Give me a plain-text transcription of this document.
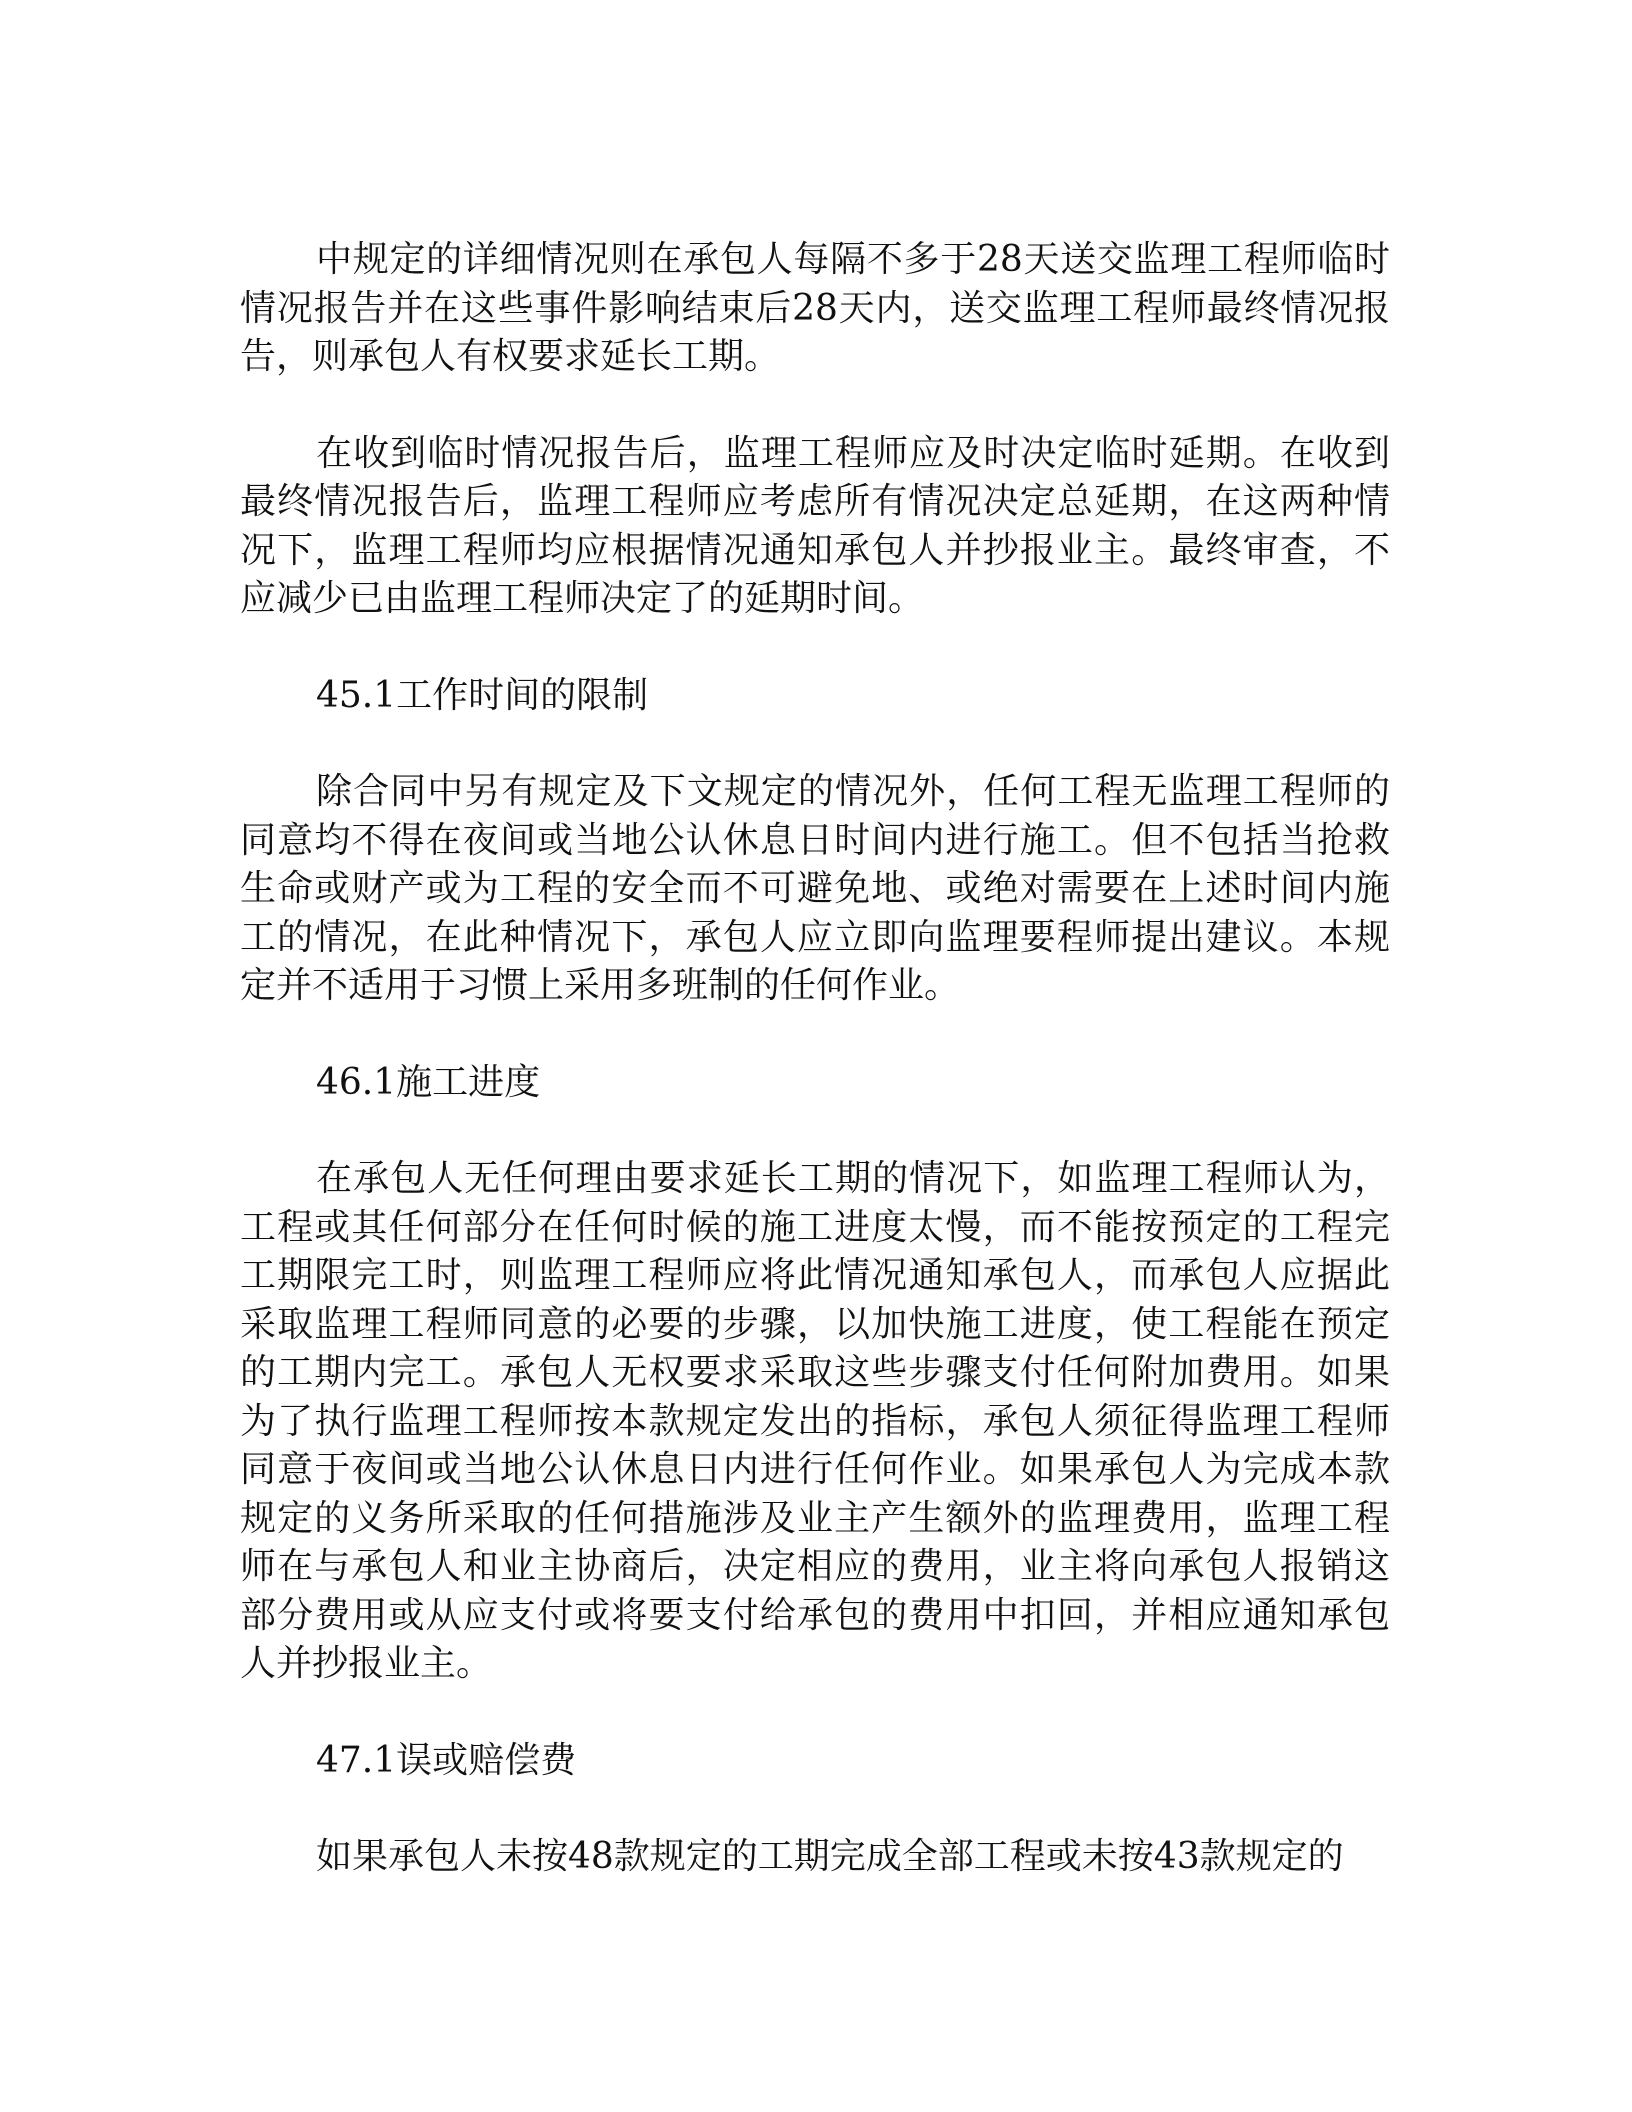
中规定的详细情况则在承包人每隔不多于28天送交监理工程师临时情况报告并在这些事件影响结束后28天内，送交监理工程师最终情况报告，则承包人有权要求延长工期。

在收到临时情况报告后，监理工程师应及时决定临时延期。在收到最终情况报告后，监理工程师应考虑所有情况决定总延期，在这两种情况下，监理工程师均应根据情况通知承包人并抄报业主。最终审查，不应减少已由监理工程师决定了的延期时间。

45.1工作时间的限制

除合同中另有规定及下文规定的情况外，任何工程无监理工程师的同意均不得在夜间或当地公认休息日时间内进行施工。但不包括当抢救生命或财产或为工程的安全而不可避免地、或绝对需要在上述时间内施工的情况，在此种情况下，承包人应立即向监理要程师提出建议。本规定并不适用于习惯上采用多班制的任何作业。

46.1施工进度

在承包人无任何理由要求延长工期的情况下，如监理工程师认为，工程或其任何部分在任何时候的施工进度太慢，而不能按预定的工程完工期限完工时，则监理工程师应将此情况通知承包人，而承包人应据此采取监理工程师同意的必要的步骤，以加快施工进度，使工程能在预定的工期内完工。承包人无权要求采取这些步骤支付任何附加费用。如果为了执行监理工程师按本款规定发出的指标，承包人须征得监理工程师同意于夜间或当地公认休息日内进行任何作业。如果承包人为完成本款规定的义务所采取的任何措施涉及业主产生额外的监理费用，监理工程师在与承包人和业主协商后，决定相应的费用，业主将向承包人报销这部分费用或从应支付或将要支付给承包的费用中扣回，并相应通知承包人并抄报业主。

47.1误或赔偿费

如果承包人未按48款规定的工期完成全部工程或未按43款规定的
